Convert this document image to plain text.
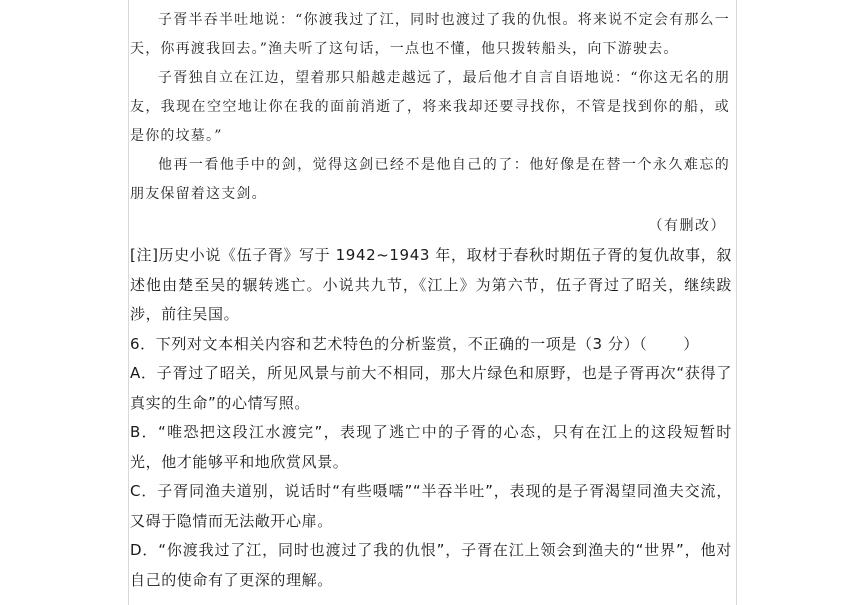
子胥半吞半吐地说：“你渡我过了江，同时也渡过了我的仇恨。将来说不定会有那么一天，你再渡我回去。”渔夫听了这句话，一点也不懂，他只拨转船头，向下游驶去。

子胥独自立在江边，望着那只船越走越远了，最后他才自言自语地说：“你这无名的朋友，我现在空空地让你在我的面前消逝了，将来我却还要寻找你，不管是找到你的船，或是你的坟墓。”

他再一看他手中的剑，觉得这剑已经不是他自己的了：他好像是在替一个永久难忘的朋友保留着这支剑。

（有删改）

[注]历史小说《伍子胥》写于 1942~1943 年，取材于春秋时期伍子胥的复仇故事，叙述他由楚至吴的辗转逃亡。小说共九节，《江上》为第六节，伍子胥过了昭关，继续跋涉，前往吴国。

6．下列对文本相关内容和艺术特色的分析鉴赏，不正确的一项是（3 分）（ ）

A．子胥过了昭关，所见风景与前大不相同，那大片绿色和原野，也是子胥再次“获得了真实的生命”的心情写照。

B．“唯恐把这段江水渡完”，表现了逃亡中的子胥的心态，只有在江上的这段短暂时光，他才能够平和地欣赏风景。

C．子胥同渔夫道别，说话时“有些嗫嚅”“半吞半吐”，表现的是子胥渴望同渔夫交流，又碍于隐情而无法敞开心扉。

D．“你渡我过了江，同时也渡过了我的仇恨”，子胥在江上领会到渔夫的“世界”，他对自己的使命有了更深的理解。
